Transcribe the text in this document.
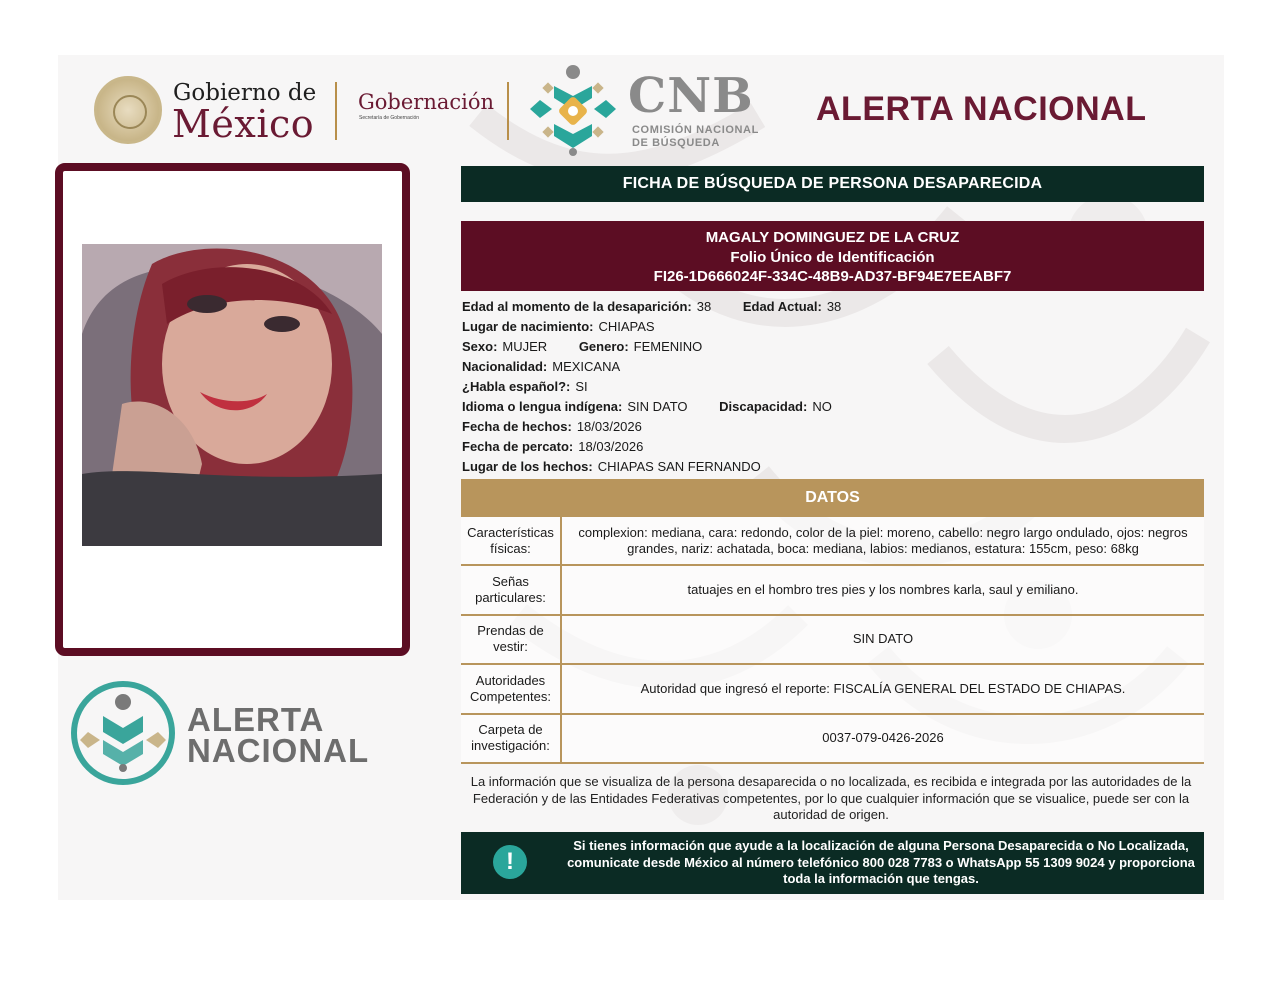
Gobierno de
México Gobernación
Secretaría de Gobernación	CNB
COMISIÓN NACIONAL
DE BÚSQUEDA
ALERTA NACIONAL
ALERTA
NACIONAL
FICHA DE BÚSQUEDA DE PERSONA DESAPARECIDA
MAGALY DOMINGUEZ DE LA CRUZ
Folio Único de Identificación
FI26-1D666024F-334C-48B9-AD37-BF94E7EEABF7
Edad al momento de la desaparición: 38 Edad Actual: 38
Lugar de nacimiento: CHIAPAS
Sexo: MUJER Genero: FEMENINO
Nacionalidad: MEXICANA
¿Habla español?: SI
Idioma o lengua indígena: SIN DATO Discapacidad: NO
Fecha de hechos: 18/03/2026
Fecha de percato: 18/03/2026
Lugar de los hechos: CHIAPAS SAN FERNANDO
DATOS
Características físicas:
complexion: mediana, cara: redondo, color de la piel: moreno, cabello: negro largo ondulado, ojos: negros grandes, nariz: achatada, boca: mediana, labios: medianos, estatura: 155cm, peso: 68kg
Señas particulares:
tatuajes en el hombro tres pies y los nombres karla, saul y emiliano.
Prendas de vestir:
SIN DATO
Autoridades Competentes:
Autoridad que ingresó el reporte: FISCALÍA GENERAL DEL ESTADO DE CHIAPAS.
Carpeta de investigación:
0037-079-0426-2026
La información que se visualiza de la persona desaparecida o no localizada, es recibida e integrada por las autoridades de la Federación y de las Entidades Federativas competentes, por lo que cualquier información que se visualice, puede ser con la autoridad de origen.
!
Si tienes información que ayude a la localización de alguna Persona Desaparecida o No Localizada, comunicate desde México al número telefónico 800 028 7783 o WhatsApp 55 1309 9024 y proporciona toda la información que tengas.
